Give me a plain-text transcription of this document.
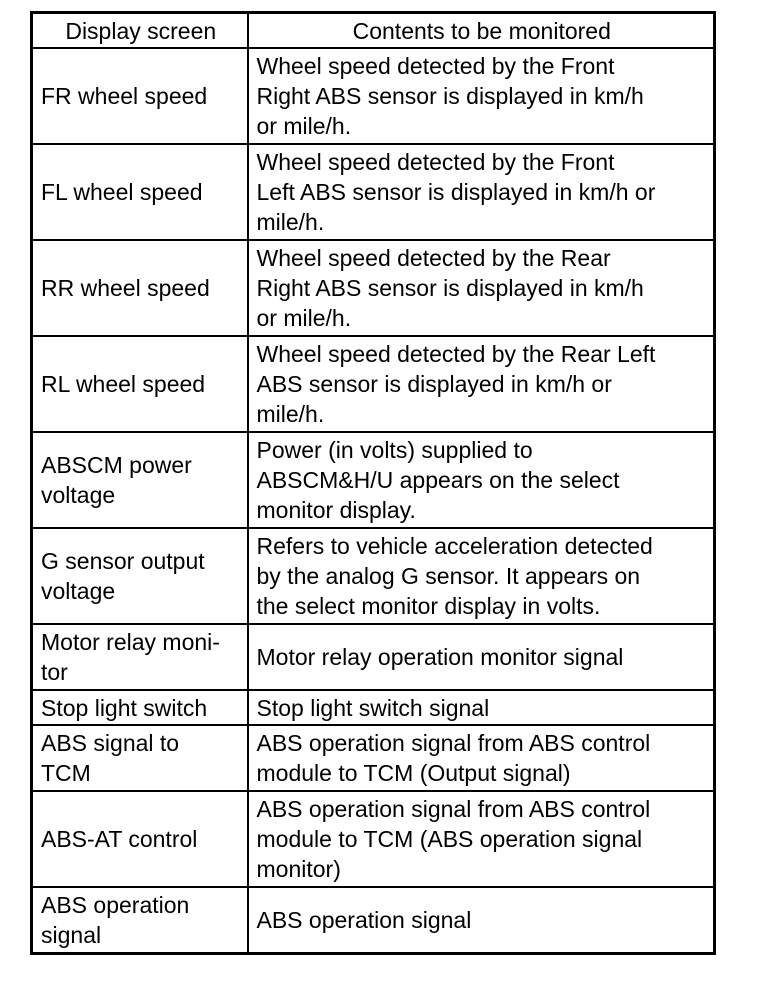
Display screen	Contents to be monitored

FR wheel speed	Wheel speed detected by the Front
Right ABS sensor is displayed in km/h
or mile/h.

FL wheel speed	Wheel speed detected by the Front
Left ABS sensor is displayed in km/h or
mile/h.

RR wheel speed	Wheel speed detected by the Rear
Right ABS sensor is displayed in km/h
or mile/h.

RL wheel speed	Wheel speed detected by the Rear Left
ABS sensor is displayed in km/h or
mile/h.

ABSCM power
voltage	Power (in volts) supplied to
ABSCM&H/U appears on the select
monitor display.

G sensor output
voltage	Refers to vehicle acceleration detected
by the analog G sensor. It appears on
the select monitor display in volts.

Motor relay moni-
tor	Motor relay operation monitor signal

Stop light switch	Stop light switch signal

ABS signal to
TCM	ABS operation signal from ABS control
module to TCM (Output signal)

ABS-AT control	ABS operation signal from ABS control
module to TCM (ABS operation signal
monitor)

ABS operation
signal	ABS operation signal
